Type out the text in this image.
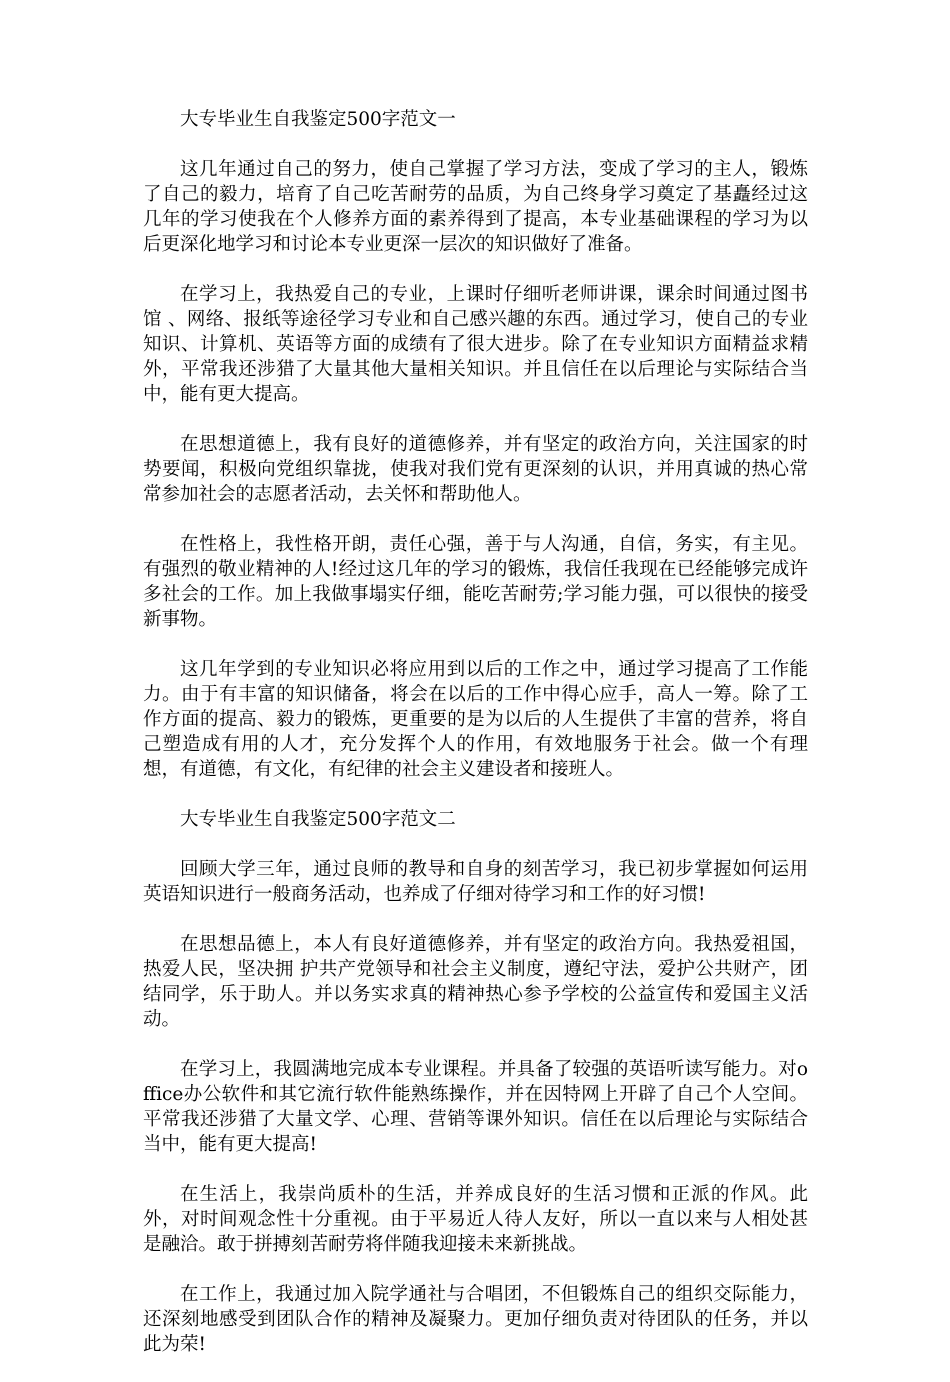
大专毕业生自我鉴定500字范文一

这几年通过自己的努力，使自己掌握了学习方法，变成了学习的主人，锻炼了自己的毅力，培育了自己吃苦耐劳的品质，为自己终身学习奠定了基矗经过这几年的学习使我在个人修养方面的素养得到了提高，本专业基础课程的学习为以后更深化地学习和讨论本专业更深一层次的知识做好了准备。

在学习上，我热爱自己的专业，上课时仔细听老师讲课，课余时间通过图书馆 、网络、报纸等途径学习专业和自己感兴趣的东西。通过学习，使自己的专业知识、计算机、英语等方面的成绩有了很大进步。除了在专业知识方面精益求精外，平常我还涉猎了大量其他大量相关知识。并且信任在以后理论与实际结合当中，能有更大提高。

在思想道德上，我有良好的道德修养，并有坚定的政治方向，关注国家的时势要闻，积极向党组织靠拢，使我对我们党有更深刻的认识，并用真诚的热心常常参加社会的志愿者活动，去关怀和帮助他人。

在性格上，我性格开朗，责任心强，善于与人沟通，自信，务实，有主见。 有强烈的敬业精神的人!经过这几年的学习的锻炼，我信任我现在已经能够完成许多社会的工作。加上我做事塌实仔细，能吃苦耐劳;学习能力强，可以很快的接受新事物。

这几年学到的专业知识必将应用到以后的工作之中，通过学习提高了工作能力。由于有丰富的知识储备，将会在以后的工作中得心应手，高人一筹。除了工作方面的提高、毅力的锻炼，更重要的是为以后的人生提供了丰富的营养，将自己塑造成有用的人才，充分发挥个人的作用，有效地服务于社会。做一个有理想，有道德，有文化，有纪律的社会主义建设者和接班人。

大专毕业生自我鉴定500字范文二

回顾大学三年，通过良师的教导和自身的刻苦学习，我已初步掌握如何运用英语知识进行一般商务活动，也养成了仔细对待学习和工作的好习惯!

在思想品德上，本人有良好道德修养，并有坚定的政治方向。我热爱祖国，热爱人民，坚决拥 护共产党领导和社会主义制度，遵纪守法，爱护公共财产，团结同学，乐于助人。并以务实求真的精神热心参予学校的公益宣传和爱国主义活动。

在学习上，我圆满地完成本专业课程。并具备了较强的英语听读写能力。对office办公软件和其它流行软件能熟练操作，并在因特网上开辟了自己个人空间。平常我还涉猎了大量文学、心理、营销等课外知识。信任在以后理论与实际结合当中，能有更大提高!

在生活上，我崇尚质朴的生活，并养成良好的生活习惯和正派的作风。此外，对时间观念性十分重视。由于平易近人待人友好，所以一直以来与人相处甚是融洽。敢于拼搏刻苦耐劳将伴随我迎接未来新挑战。

在工作上，我通过加入院学通社与合唱团，不但锻炼自己的组织交际能力，还深刻地感受到团队合作的精神及凝聚力。更加仔细负责对待团队的任务，并以此为荣!
